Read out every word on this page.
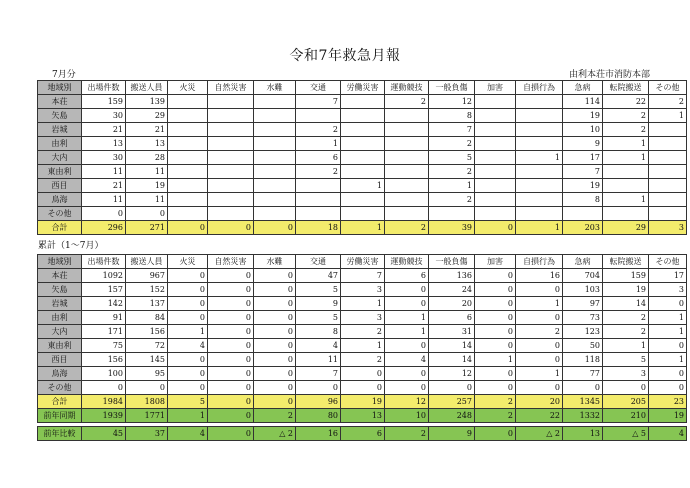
令和7年救急月報
7月分	由利本荘市消防本部
累計（1～7月）
地域別	出場件数	搬送人員	火災	自然災害	水難	交通	労働災害	運動競技	一般負傷	加害	自損行為	急病	転院搬送	その他
本荘	159	139				7		2	12			114	22	2
矢島	30	29							8			19	2	1
岩城	21	21				2			7			10	2	
由利	13	13				1			2			9	1	
大内	30	28				6			5		1	17	1	
東由利	11	11				2			2			7		
西目	21	19					1		1			19		
鳥海	11	11							2			8	1	
その他	0	0												
合計	296	271	0	0	0	18	1	2	39	0	1	203	29	3
地域別	出場件数	搬送人員	火災	自然災害	水難	交通	労働災害	運動競技	一般負傷	加害	自損行為	急病	転院搬送	その他
本荘	1092	967	0	0	0	47	7	6	136	0	16	704	159	17
矢島	157	152	0	0	0	5	3	0	24	0	0	103	19	3
岩城	142	137	0	0	0	9	1	0	20	0	1	97	14	0
由利	91	84	0	0	0	5	3	1	6	0	0	73	2	1
大内	171	156	1	0	0	8	2	1	31	0	2	123	2	1
東由利	75	72	4	0	0	4	1	0	14	0	0	50	1	0
西目	156	145	0	0	0	11	2	4	14	1	0	118	5	1
鳥海	100	95	0	0	0	7	0	0	12	0	1	77	3	0
その他	0	0	0	0	0	0	0	0	0	0	0	0	0	0
合計	1984	1808	5	0	0	96	19	12	257	2	20	1345	205	23
前年同期	1939	1771	1	0	2	80	13	10	248	2	22	1332	210	19
前年比較	45	37	4	0	△ 2	16	6	2	9	0	△ 2	13	△ 5	4
